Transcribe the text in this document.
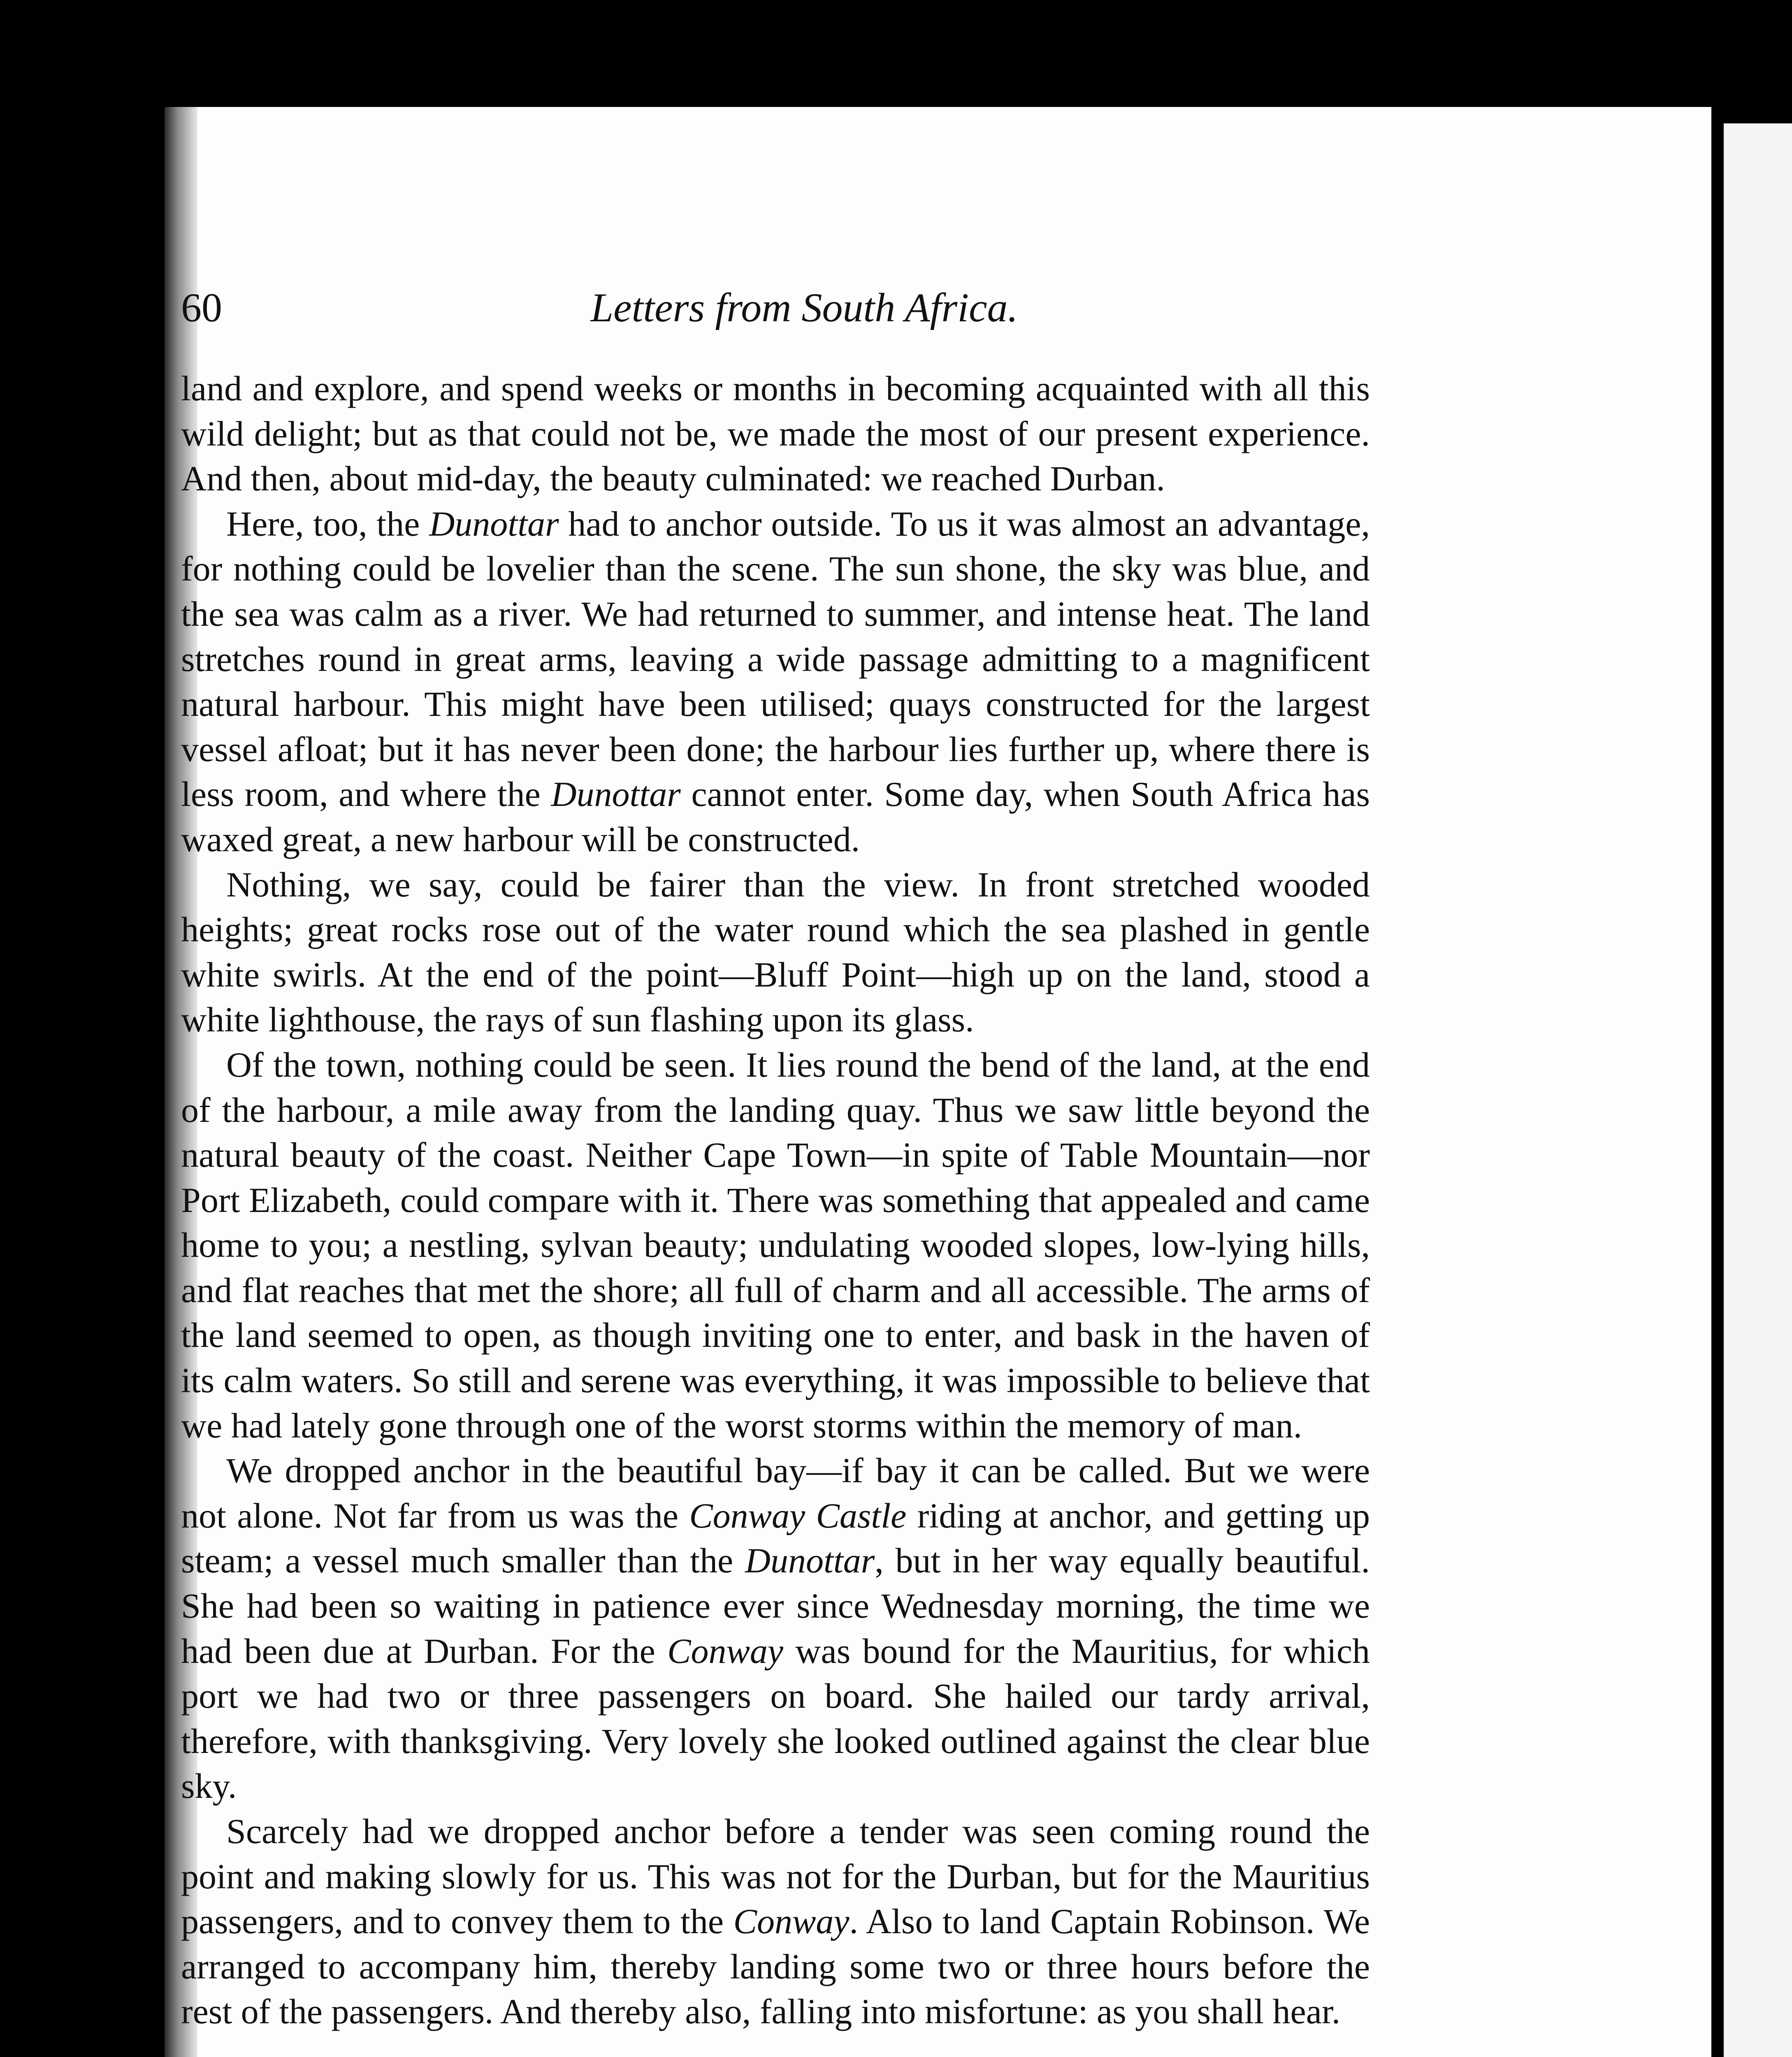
60	Letters from South Africa.

land and explore, and spend weeks or months in becoming acquainted with all this wild delight; but as that could not be, we made the most of our present experience. And then, about mid-day, the beauty culminated: we reached Durban.

Here, too, the Dunottar had to anchor outside. To us it was almost an advantage, for nothing could be lovelier than the scene. The sun shone, the sky was blue, and the sea was calm as a river. We had returned to summer, and intense heat. The land stretches round in great arms, leaving a wide passage admitting to a magnificent natural harbour. This might have been utilised; quays constructed for the largest vessel afloat; but it has never been done; the harbour lies further up, where there is less room, and where the Dunottar cannot enter. Some day, when South Africa has waxed great, a new harbour will be constructed.

Nothing, we say, could be fairer than the view. In front stretched wooded heights; great rocks rose out of the water round which the sea plashed in gentle white swirls. At the end of the point—Bluff Point—high up on the land, stood a white lighthouse, the rays of sun flashing upon its glass.

Of the town, nothing could be seen. It lies round the bend of the land, at the end of the harbour, a mile away from the landing quay. Thus we saw little beyond the natural beauty of the coast. Neither Cape Town—in spite of Table Mountain—nor Port Elizabeth, could compare with it. There was something that appealed and came home to you; a nestling, sylvan beauty; undulating wooded slopes, low-lying hills, and flat reaches that met the shore; all full of charm and all accessible. The arms of the land seemed to open, as though inviting one to enter, and bask in the haven of its calm waters. So still and serene was everything, it was impossible to believe that we had lately gone through one of the worst storms within the memory of man.

We dropped anchor in the beautiful bay—if bay it can be called. But we were not alone. Not far from us was the Conway Castle riding at anchor, and getting up steam; a vessel much smaller than the Dunottar, but in her way equally beautiful. She had been so waiting in patience ever since Wednesday morning, the time we had been due at Durban. For the Conway was bound for the Mauritius, for which port we had two or three passengers on board. She hailed our tardy arrival, therefore, with thanksgiving. Very lovely she looked outlined against the clear blue sky.

Scarcely had we dropped anchor before a tender was seen coming round the point and making slowly for us. This was not for the Durban, but for the Mauritius passengers, and to convey them to the Conway. Also to land Captain Robinson. We arranged to accompany him, thereby landing some two or three hours before the rest of the passengers. And thereby also, falling into misfortune: as you shall hear.
